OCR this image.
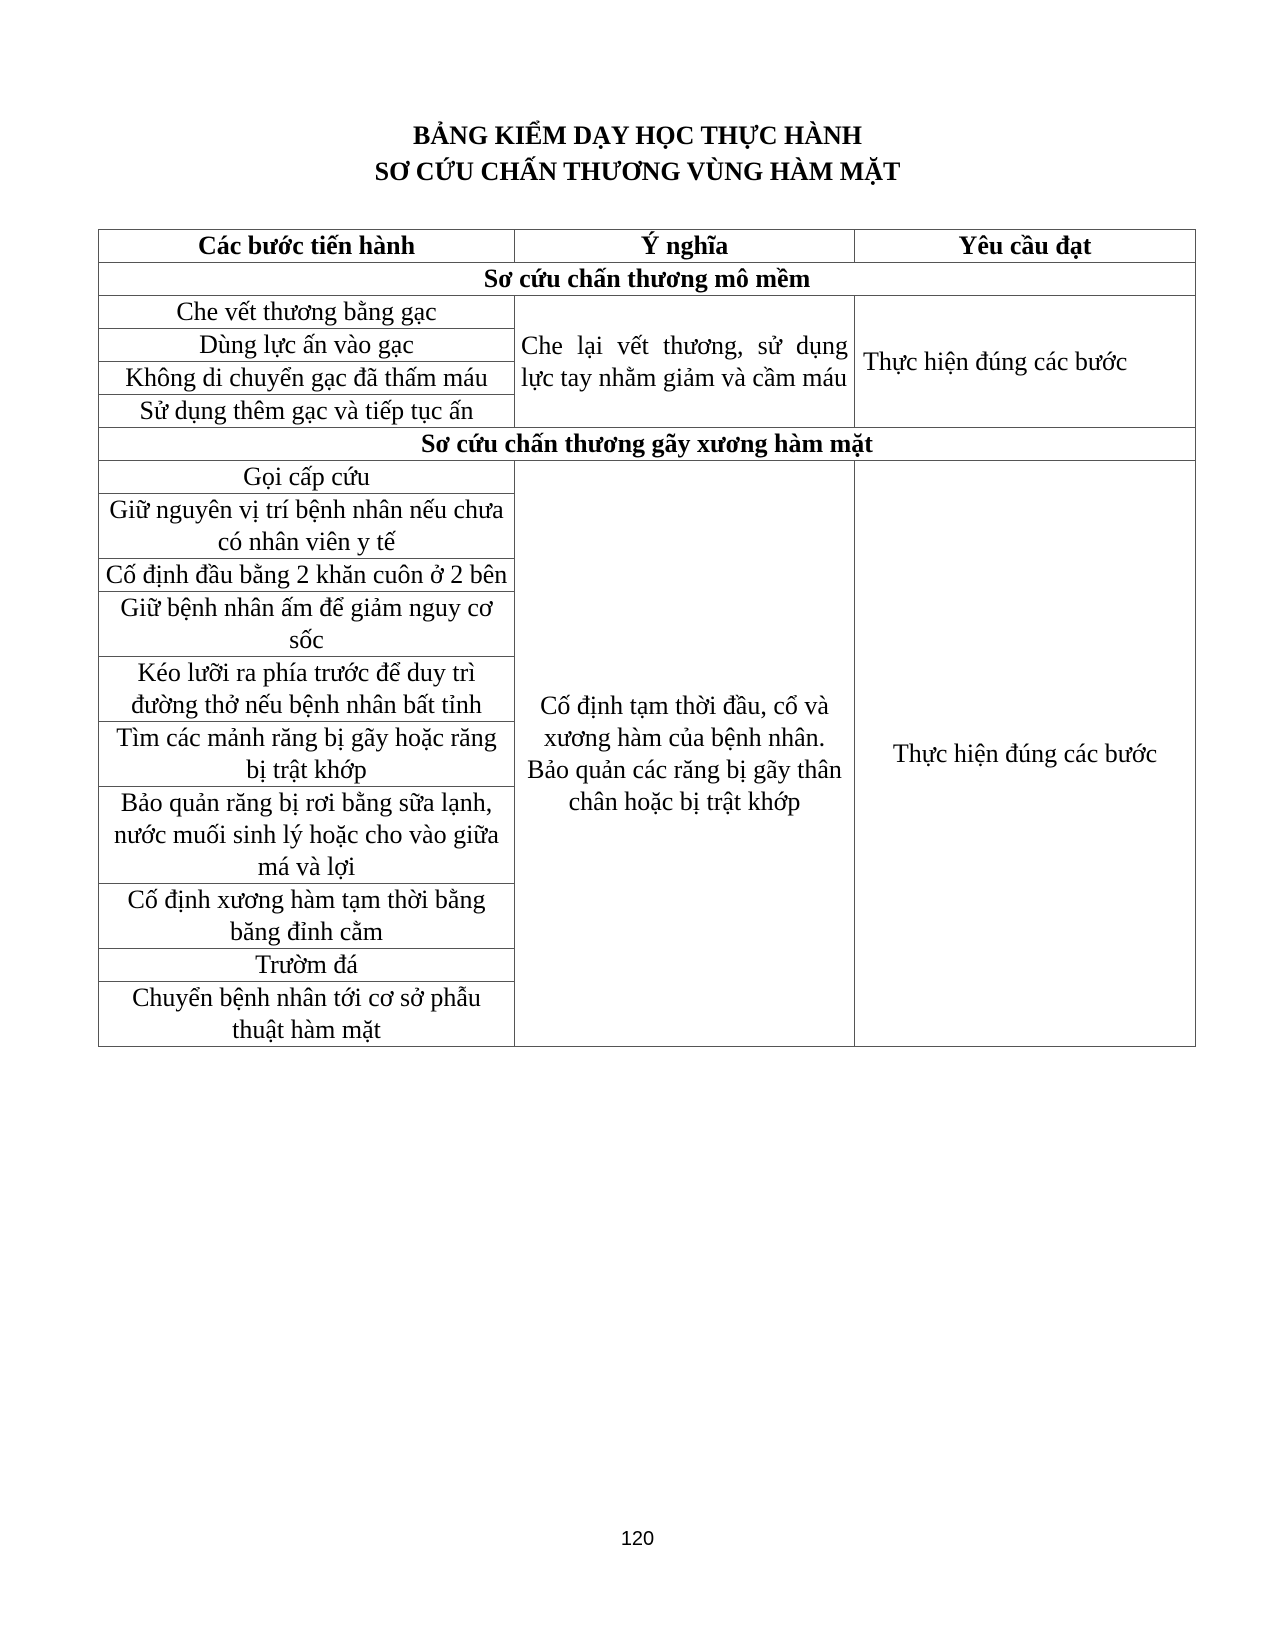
BẢNG KIỂM DẠY HỌC THỰC HÀNH
SƠ CỨU CHẤN THƯƠNG VÙNG HÀM MẶT
Các bước tiến hành	Ý nghĩa	Yêu cầu đạt
Sơ cứu chấn thương mô mềm		
Che vết thương bằng gạc	Che lại vết thương, sử dụng lực tay nhằm giảm và cầm máu	Thực hiện đúng các bước
Dùng lực ấn vào gạc		
Không di chuyển gạc đã thấm máu		
Sử dụng thêm gạc và tiếp tục ấn		
Sơ cứu chấn thương gãy xương hàm mặt		
Gọi cấp cứu	Cố định tạm thời đầu, cổ và xương hàm của bệnh nhân. Bảo quản các răng bị gãy thân chân hoặc bị trật khớp	Thực hiện đúng các bước
Giữ nguyên vị trí bệnh nhân nếu chưa có nhân viên y tế		
Cố định đầu bằng 2 khăn cuôn ở 2 bên		
Giữ bệnh nhân ấm để giảm nguy cơ sốc		
Kéo lưỡi ra phía trước để duy trì đường thở nếu bệnh nhân bất tỉnh		
Tìm các mảnh răng bị gãy hoặc răng bị trật khớp		
Bảo quản răng bị rơi bằng sữa lạnh, nước muối sinh lý hoặc cho vào giữa má và lợi		
Cố định xương hàm tạm thời bằng băng đỉnh cằm		
Trườm đá		
Chuyển bệnh nhân tới cơ sở phẫu thuật hàm mặt		
120
